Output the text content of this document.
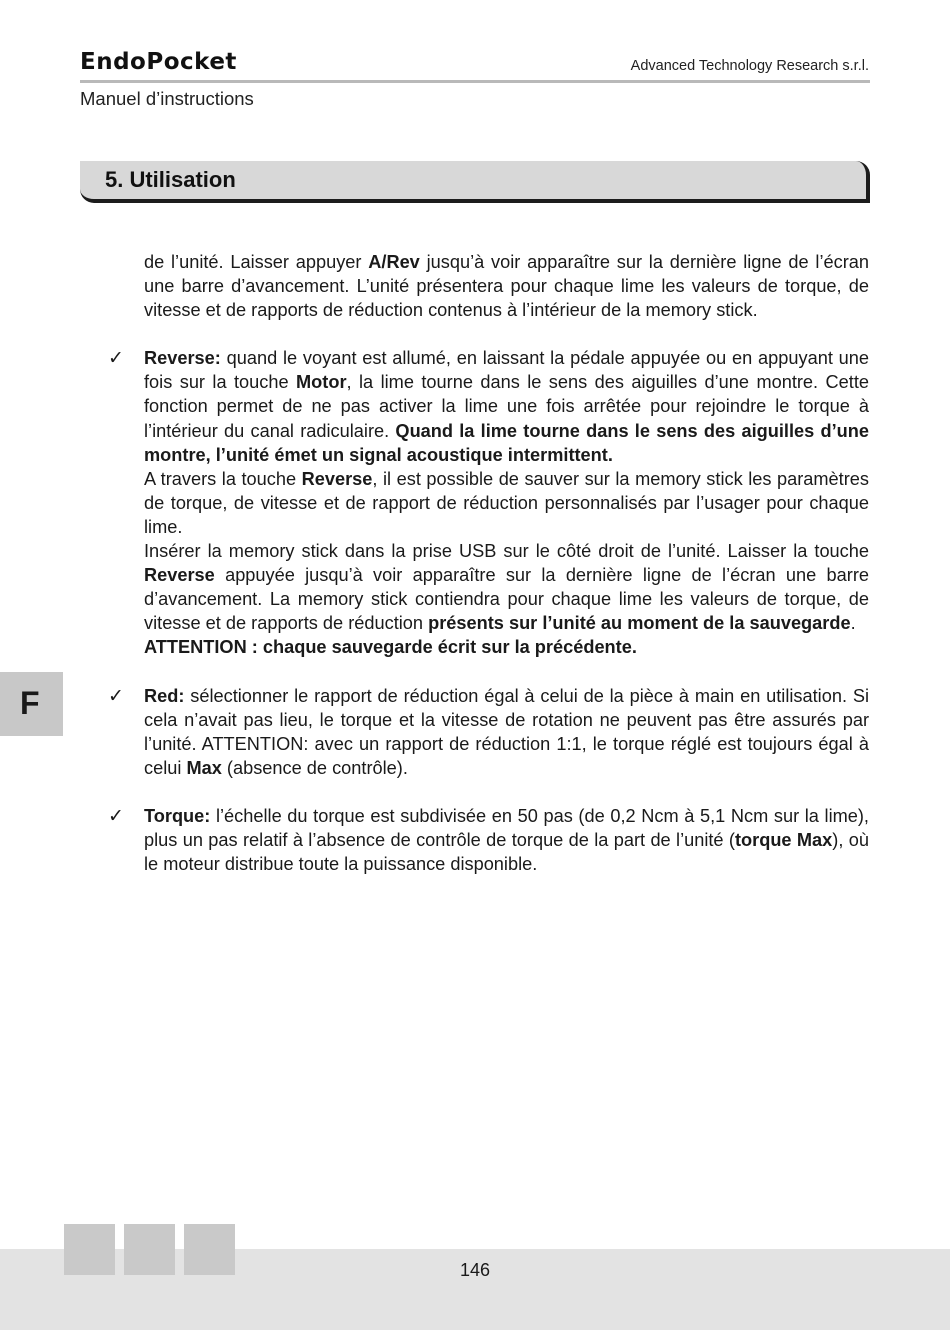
EndoPocket	Advanced Technology Research s.r.l.
Manuel d’instructions
5. Utilisation

de l’unité. Laisser appuyer A/Rev jusqu’à voir apparaître sur la dernière ligne de l’écran une barre d’avancement. L’unité présentera pour chaque lime les valeurs de torque, de vitesse et de rapports de réduction contenus à l’intérieur de la memory stick.

✓ Reverse: quand le voyant est allumé, en laissant la pédale appuyée ou en appuyant une fois sur la touche Motor, la lime tourne dans le sens des aiguilles d’une montre. Cette fonction permet de ne pas activer la lime une fois arrêtée pour rejoindre le torque à l’intérieur du canal radiculaire. Quand la lime tourne dans le sens des aiguilles d’une montre, l’unité émet un signal acoustique intermittent.

A travers la touche Reverse, il est possible de sauver sur la memory stick les paramètres de torque, de vitesse et de rapport de réduction personnalisés par l’usager pour chaque lime.

Insérer la memory stick dans la prise USB sur le côté droit de l’unité. Laisser la touche Reverse appuyée jusqu’à voir apparaître sur la dernière ligne de l’écran une barre d’avancement. La memory stick contiendra pour chaque lime les valeurs de torque, de vitesse et de rapports de réduction présents sur l’unité au moment de la sauvegarde.

ATTENTION : chaque sauvegarde écrit sur la précédente.

✓ Red: sélectionner le rapport de réduction égal à celui de la pièce à main en utilisation. Si cela n’avait pas lieu, le torque et la vitesse de rotation ne peuvent pas être assurés par l’unité. ATTENTION: avec un rapport de réduction 1:1, le torque réglé est toujours égal à celui Max (absence de contrôle).

✓ Torque: l’échelle du torque est subdivisée en 50 pas (de 0,2 Ncm à 5,1 Ncm sur la lime), plus un pas relatif à l’absence de contrôle de torque de la part de l’unité (torque Max), où le moteur distribue toute la puissance disponible.

F
146
